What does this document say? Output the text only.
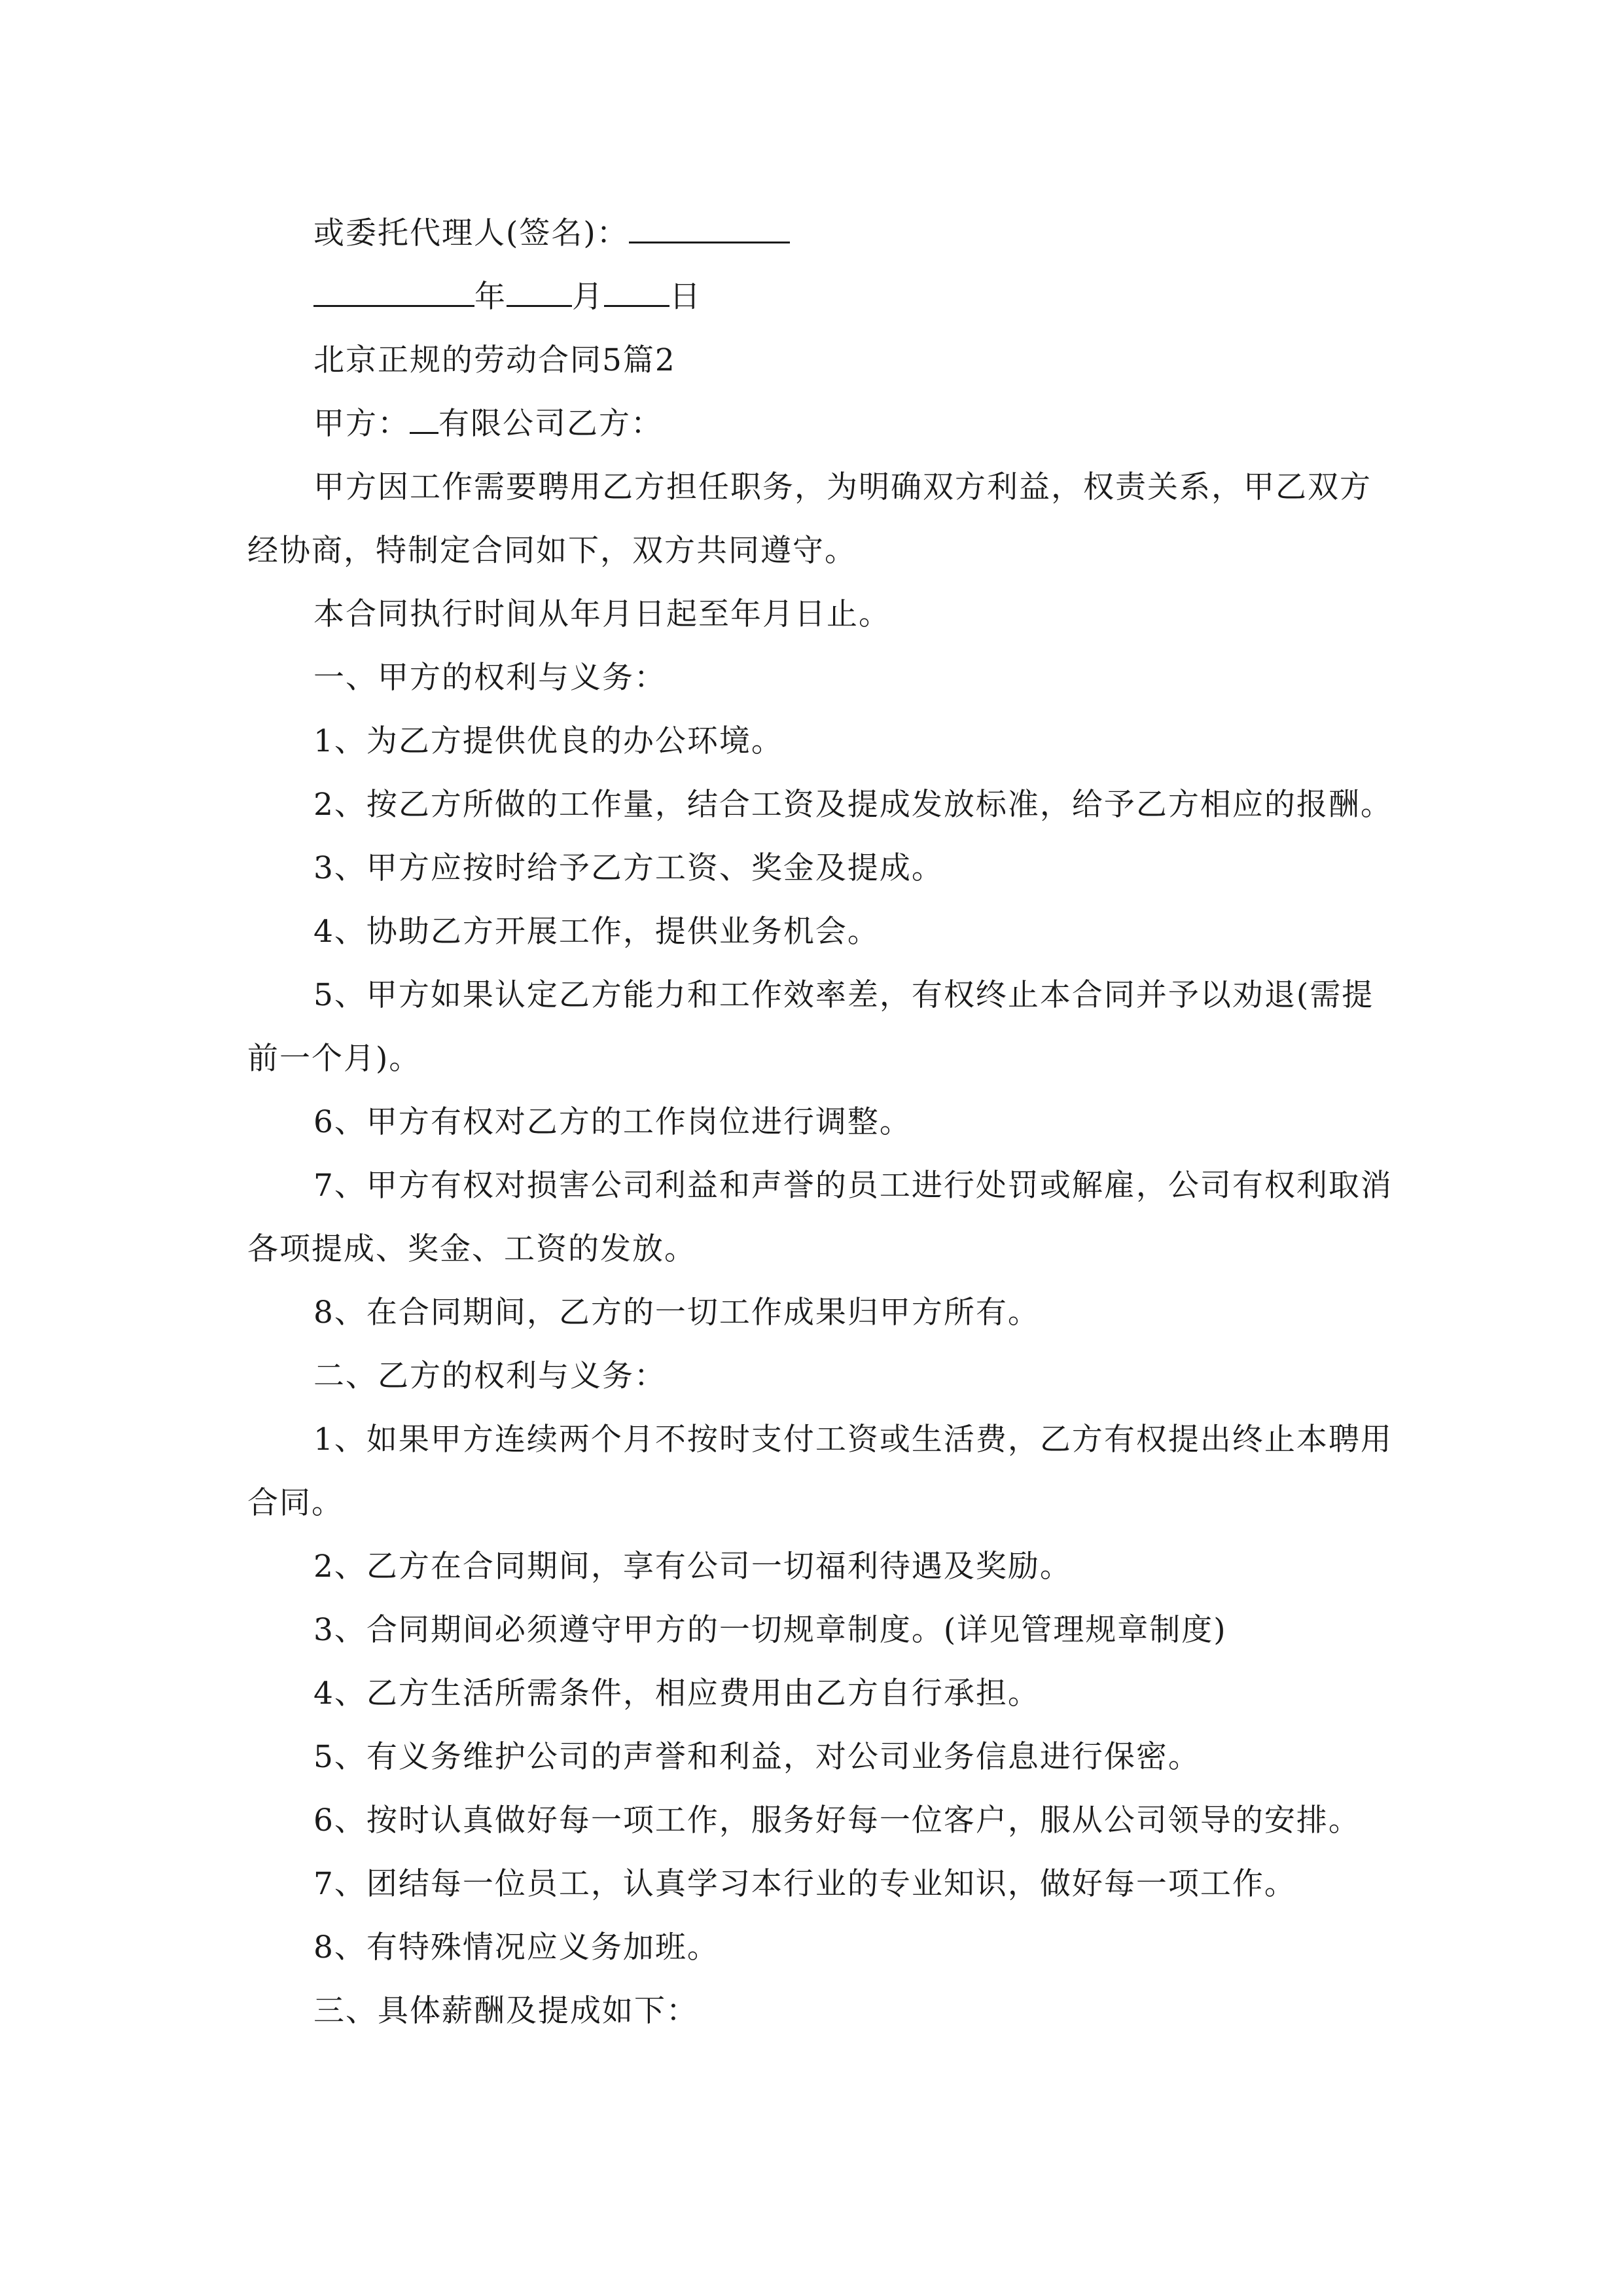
或委托代理人(签名)：

年 月 日

北京正规的劳动合同5篇2

甲方： 有限公司乙方：

甲方因工作需要聘用乙方担任职务，为明确双方利益，权责关系，甲乙双方经协商，特制定合同如下，双方共同遵守。

本合同执行时间从年月日起至年月日止。

一、甲方的权利与义务：

1、为乙方提供优良的办公环境。

2、按乙方所做的工作量，结合工资及提成发放标准，给予乙方相应的报酬。

3、甲方应按时给予乙方工资、奖金及提成。

4、协助乙方开展工作，提供业务机会。

5、甲方如果认定乙方能力和工作效率差，有权终止本合同并予以劝退(需提前一个月)。

6、甲方有权对乙方的工作岗位进行调整。

7、甲方有权对损害公司利益和声誉的员工进行处罚或解雇，公司有权利取消各项提成、奖金、工资的发放。

8、在合同期间，乙方的一切工作成果归甲方所有。

二、乙方的权利与义务：

1、如果甲方连续两个月不按时支付工资或生活费，乙方有权提出终止本聘用合同。

2、乙方在合同期间，享有公司一切福利待遇及奖励。

3、合同期间必须遵守甲方的一切规章制度。(详见管理规章制度)

4、乙方生活所需条件，相应费用由乙方自行承担。

5、有义务维护公司的声誉和利益，对公司业务信息进行保密。

6、按时认真做好每一项工作，服务好每一位客户，服从公司领导的安排。

7、团结每一位员工，认真学习本行业的专业知识，做好每一项工作。

8、有特殊情况应义务加班。

三、具体薪酬及提成如下：
